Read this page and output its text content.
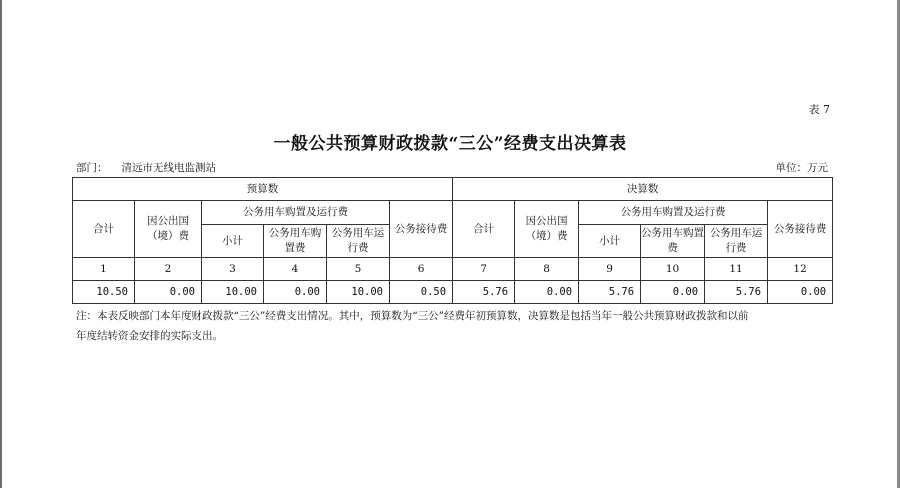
表 7
一般公共预算财政拨款“三公”经费支出决算表
部门： 清远市无线电监测站	单位：万元
预算数						决算数					
合计	因公出国（境）费	公务用车购置及运行费			公务接待费	合计	因公出国（境）费	公务用车购置及运行费			公务接待费
		小计	公务用车购置费	公务用车运行费				小计	公务用车购置费	公务用车运行费	
1	2	3	4	5	6	7	8	9	10	11	12
10.50	0.00	10.00	0.00	10.00	0.50	5.76	0.00	5.76	0.00	5.76	0.00
注：本表反映部门本年度财政拨款“三公”经费支出情况。其中，预算数为“三公”经费年初预算数，决算数是包括当年一般公共预算财政拨款和以前
年度结转资金安排的实际支出。
